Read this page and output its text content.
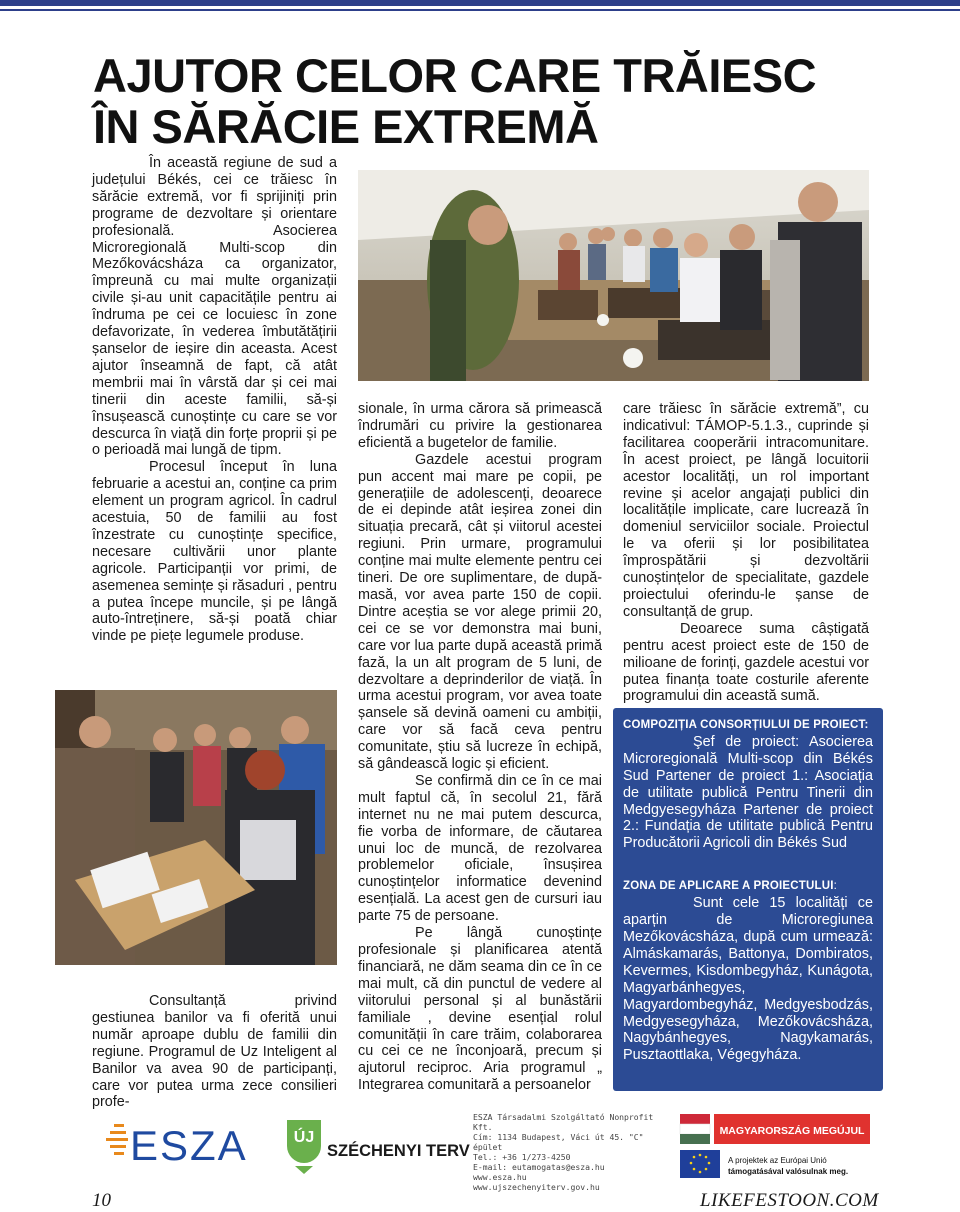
AJUTOR CELOR CARE TRĂIESC
ÎN SĂRĂCIE EXTREMĂ

În această regiune de sud a județului Békés, cei ce trăiesc în sărăcie extremă, vor fi sprijiniți prin programe de dezvoltare și orientare profesională. Asocierea Microregională Multi-scop din Mezőkovácsháza ca organizator, împreună cu mai multe organizații civile și-au unit capacitățile pentru ai îndruma pe cei ce locuiesc în zone defavorizate, în vederea îmbutătățirii șanselor de ieșire din aceasta. Acest ajutor înseamnă de fapt, că atât membrii mai în vârstă dar și cei mai tinerii din aceste familii, să-și însușească cunoștințe cu care se vor descurca în viață din forțe proprii și pe o perioadă mai lungă de tipm.

Procesul început în luna februarie a acestui an, conține ca prim element un program agricol. În cadrul acestuia, 50 de familii au fost înzestrate cu cunoștințe specifice, necesare cultivării unor plante agricole. Participanții vor primi, de asemenea semințe și răsaduri , pentru a putea începe muncile, și pe lângă auto-întreținere, să-și poată chiar vinde pe piețe legumele produse.

sionale, în urma cărora să primească îndrumări cu privire la gestionarea eficientă a bugetelor de familie.

Gazdele acestui program pun accent mai mare pe copii, pe generațiile de adolescenți, deoarece de ei depinde atât ieșirea zonei din situația precară, cât și viitorul acestei regiuni. Prin urmare, programului conține mai multe elemente pentru cei tineri. De ore suplimentare, de după-masă, vor avea parte 150 de copii. Dintre aceștia se vor alege primii 20, cei ce se vor demonstra mai buni, care vor lua parte după această primă fază, la un alt program de 5 luni, de dezvoltare a deprinderilor de viață. În urma acestui program, vor avea toate șansele să devină oameni cu ambiții, care vor să facă ceva pentru comunitate, știu să lucreze în echipă, să gândească logic și eficient.

Se confirmă din ce în ce mai mult faptul că, în secolul 21, fără internet nu ne mai putem descurca, fie vorba de informare, de căutarea unui loc de muncă, de rezolvarea problemelor oficiale, însușirea cunoștințelor informatice devenind esențială. La acest gen de cursuri iau parte 75 de persoane.

Pe lângă cunoștințe profesionale și planificarea atentă financiară, ne dăm seama din ce în ce mai mult, că din punctul de vedere al viitorului personal și al bunăstării familiale , devine esențial rolul comunității în care trăim, colaborarea cu cei ce ne înconjoară, precum și ajutorul reciproc. Aria programul „ Integrarea comunitară a persoanelor

care trăiesc în sărăcie extremă”, cu indicativul: TÁMOP-5.1.3., cuprinde și facilitarea cooperării intracomunitare. În acest proiect, pe lângă locuitorii acestor localități, un rol important revine și acelor angajați publici din localitățile implicate, care lucrează în domeniul serviciilor sociale. Proiectul le va oferii și lor posibilitatea împrospătării și dezvoltării cunoștințelor de specialitate, gazdele proiectului oferindu-le șanse de consultanță de grup.

Deoarece suma câștigată pentru acest proiect este de 150 de milioane de forinți, gazdele acestui vor putea finanța toate costurile aferente programului din această sumă.

Consultanță privind gestiunea banilor va fi oferită unui număr aproape dublu de familii din regiune. Programul de Uz Inteligent al Banilor va avea 90 de participanți, care vor putea urma zece consilieri profe-

COMPOZIȚIA CONSORȚIULUI DE PROIECT:

Şef de proiect: Asocierea Microregională Multi-scop din Békés Sud Partener de proiect 1.: Asociația de utilitate publică Pentru Tinerii din Medgyesegyháza Partener de proiect 2.: Fundația de utilitate publică Pentru Producătorii Agricoli din Békés Sud

ZONA DE APLICARE A PROIECTULUI:

Sunt cele 15 localități ce aparțin de Microregiunea Mezőkovácsháza, după cum urmează: Almáskamarás, Battonya, Dombiratos, Kevermes, Kisdombegyház, Kunágota, Magyarbánhegyes, Magyardombegyház, Medgyesbodzás, Medgyesegyháza, Mezőkovácsháza, Nagybánhegyes, Nagykamarás, Pusztaottlaka, Végegyháza.

ESZA	ÚJ
SZÉCHENYI TERV
ESZA Társadalmi Szolgáltató Nonprofit Kft.
Cím: 1134 Budapest, Váci út 45. "C" épület
Tel.: +36 1/273-4250
E-mail: eutamogatas@esza.hu
www.esza.hu
www.ujszechenyiterv.gov.hu
MAGYARORSZÁG MEGÚJUL
A projektek az Európai Unió
támogatásával valósulnak meg.
10	LIKEFESTOON.COM
